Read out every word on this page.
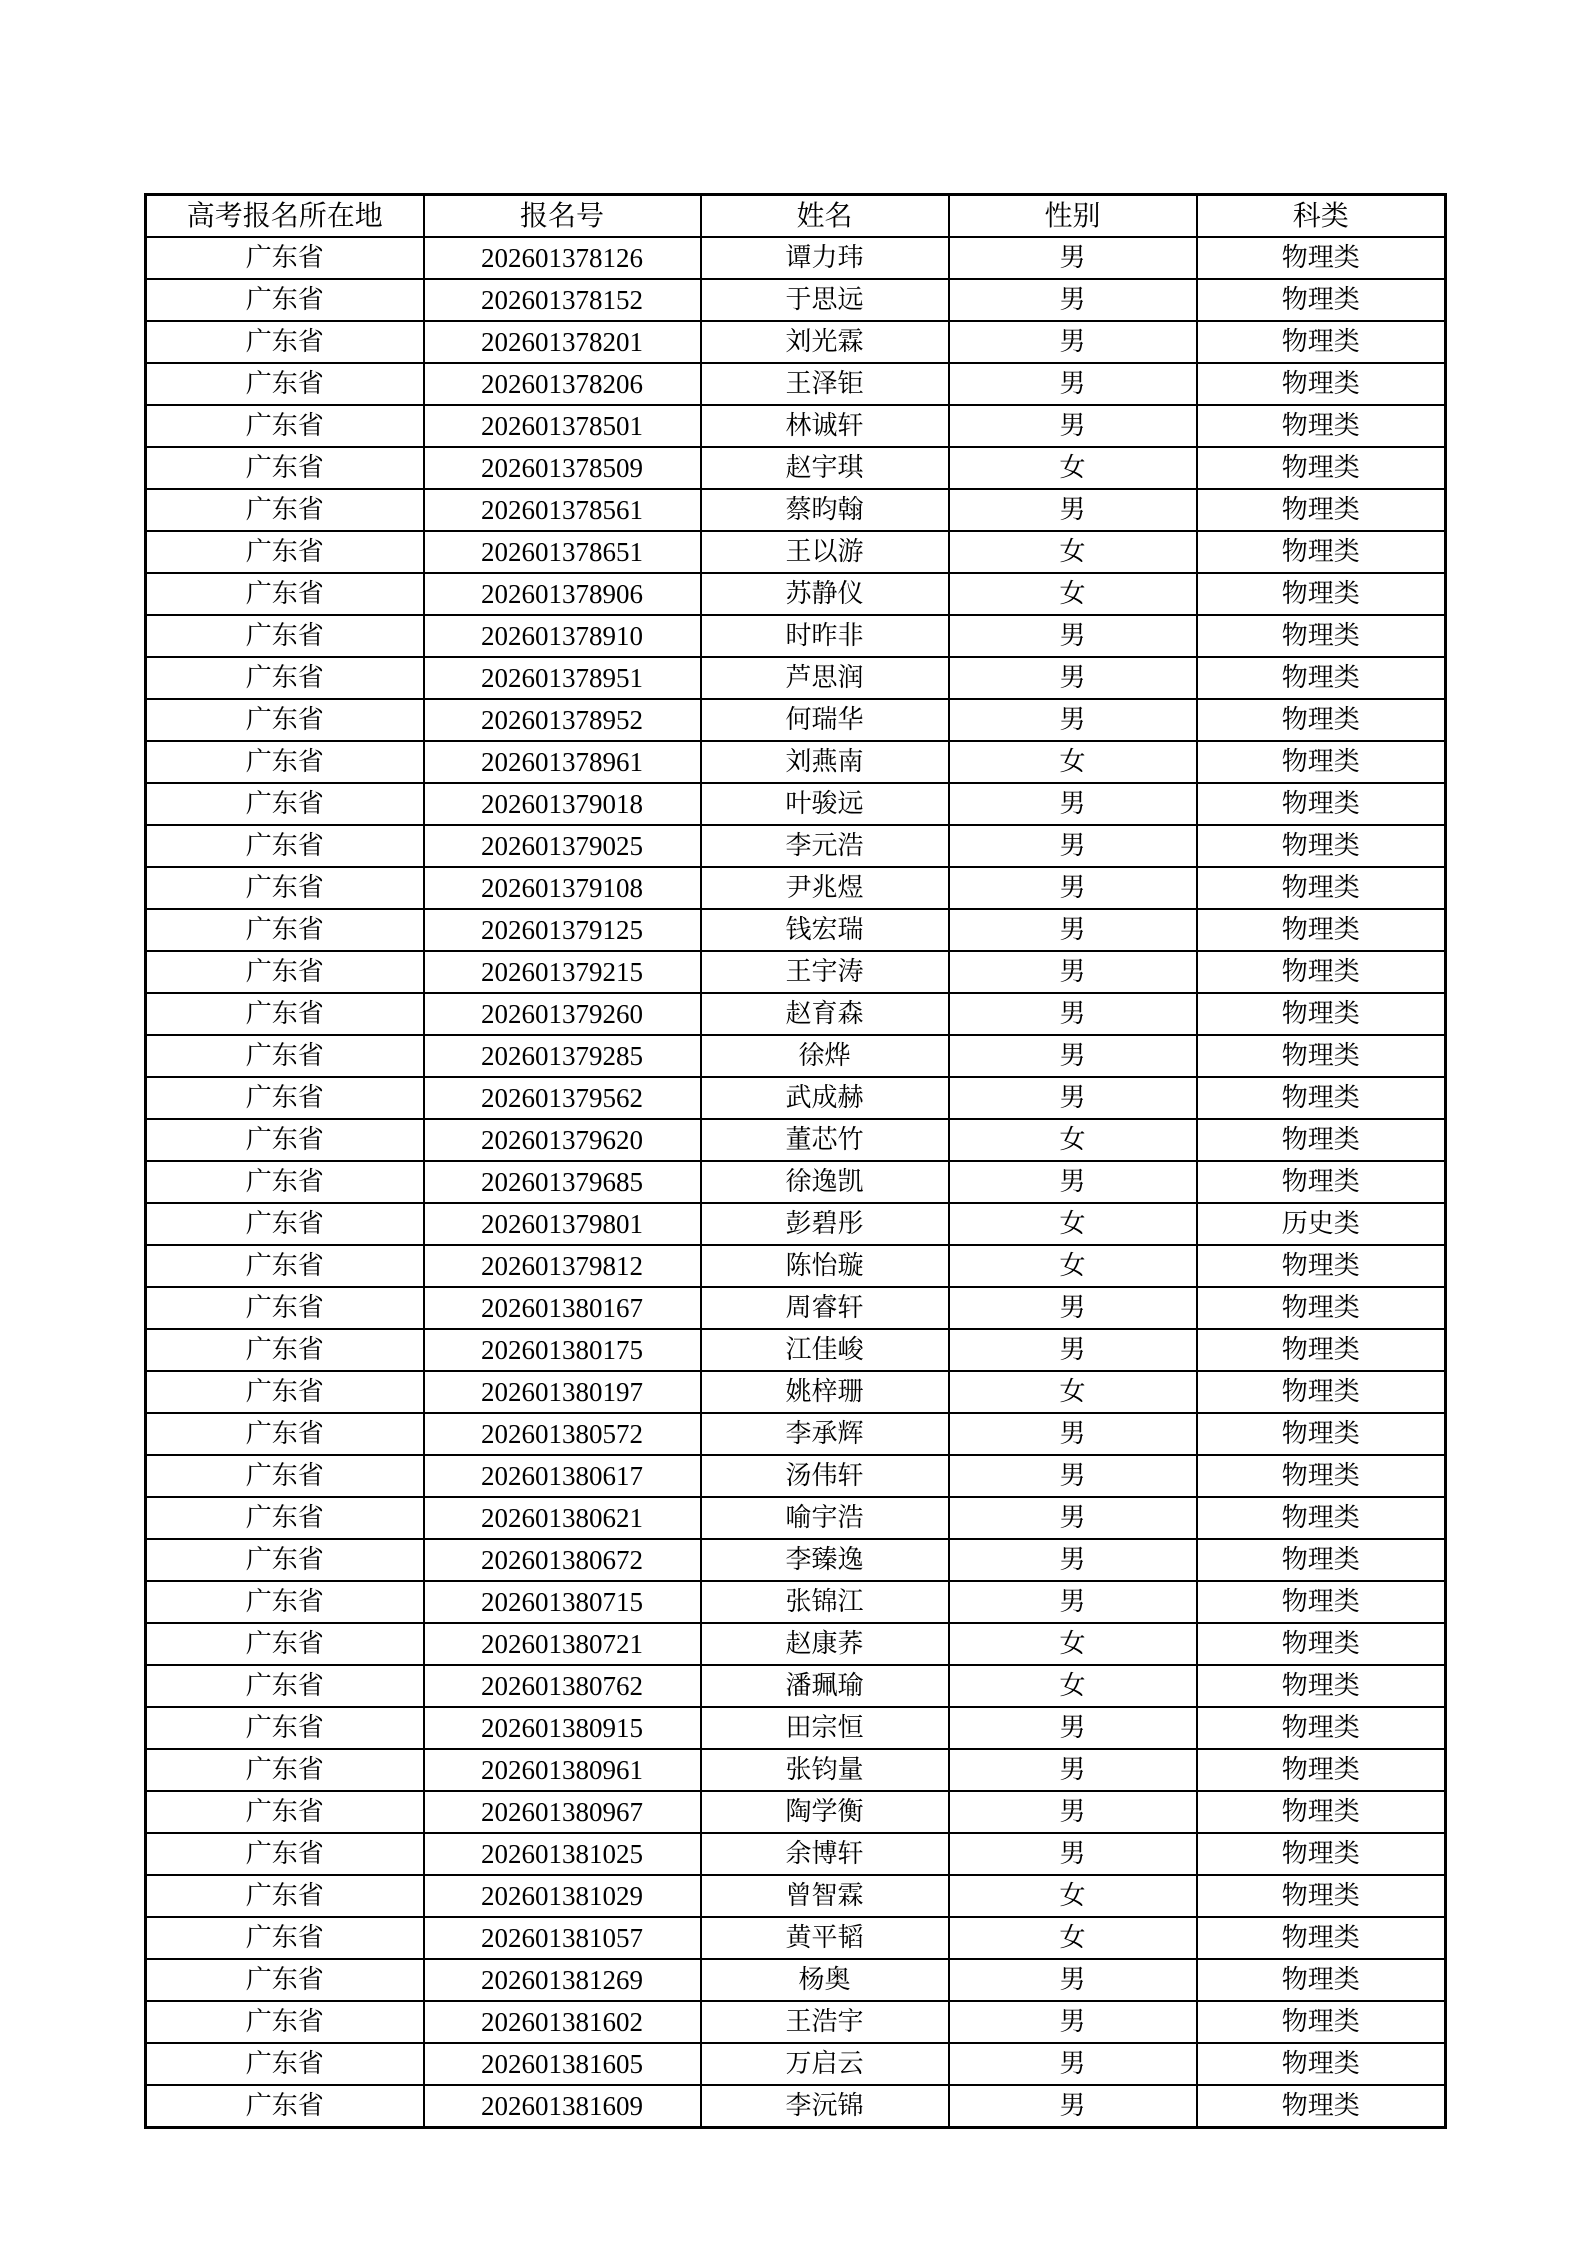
高考报名所在地	报名号	姓名	性别	科类
广东省	202601378126	谭力玮	男	物理类
广东省	202601378152	于思远	男	物理类
广东省	202601378201	刘光霖	男	物理类
广东省	202601378206	王泽钜	男	物理类
广东省	202601378501	林诚轩	男	物理类
广东省	202601378509	赵宇琪	女	物理类
广东省	202601378561	蔡昀翰	男	物理类
广东省	202601378651	王以游	女	物理类
广东省	202601378906	苏静仪	女	物理类
广东省	202601378910	时昨非	男	物理类
广东省	202601378951	芦思润	男	物理类
广东省	202601378952	何瑞华	男	物理类
广东省	202601378961	刘燕南	女	物理类
广东省	202601379018	叶骏远	男	物理类
广东省	202601379025	李元浩	男	物理类
广东省	202601379108	尹兆煜	男	物理类
广东省	202601379125	钱宏瑞	男	物理类
广东省	202601379215	王宇涛	男	物理类
广东省	202601379260	赵育森	男	物理类
广东省	202601379285	徐烨	男	物理类
广东省	202601379562	武成赫	男	物理类
广东省	202601379620	董芯竹	女	物理类
广东省	202601379685	徐逸凯	男	物理类
广东省	202601379801	彭碧彤	女	历史类
广东省	202601379812	陈怡璇	女	物理类
广东省	202601380167	周睿轩	男	物理类
广东省	202601380175	江佳峻	男	物理类
广东省	202601380197	姚梓珊	女	物理类
广东省	202601380572	李承辉	男	物理类
广东省	202601380617	汤伟轩	男	物理类
广东省	202601380621	喻宇浩	男	物理类
广东省	202601380672	李臻逸	男	物理类
广东省	202601380715	张锦江	男	物理类
广东省	202601380721	赵康荞	女	物理类
广东省	202601380762	潘珮瑜	女	物理类
广东省	202601380915	田宗恒	男	物理类
广东省	202601380961	张钧量	男	物理类
广东省	202601380967	陶学衡	男	物理类
广东省	202601381025	余博轩	男	物理类
广东省	202601381029	曾智霖	女	物理类
广东省	202601381057	黄平韬	女	物理类
广东省	202601381269	杨奥	男	物理类
广东省	202601381602	王浩宇	男	物理类
广东省	202601381605	万启云	男	物理类
广东省	202601381609	李沅锦	男	物理类
